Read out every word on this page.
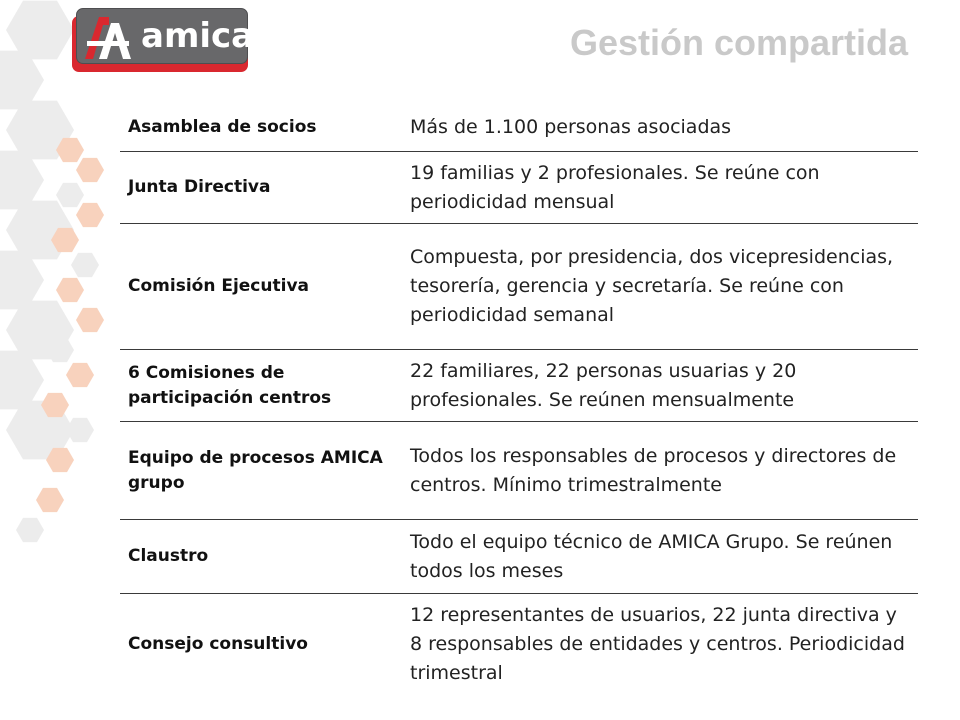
amica	Gestión compartida
Asamblea de socios	Más de 1.100 personas asociadas
Junta Directiva
19 familias y 2 profesionales. Se reúne con periodicidad mensual
Comisión Ejecutiva
Compuesta, por presidencia, dos vicepresidencias, tesorería, gerencia y secretaría. Se reúne con periodicidad semanal
6 Comisiones de participación centros
22 familiares, 22 personas usuarias y 20 profesionales. Se reúnen mensualmente
Equipo de procesos AMICA grupo
Todos los responsables de procesos y directores de centros. Mínimo trimestralmente
Claustro
Todo el equipo técnico de AMICA Grupo. Se reúnen todos los meses
Consejo consultivo
12 representantes de usuarios, 22 junta directiva y 8 responsables de entidades y centros. Periodicidad trimestral
